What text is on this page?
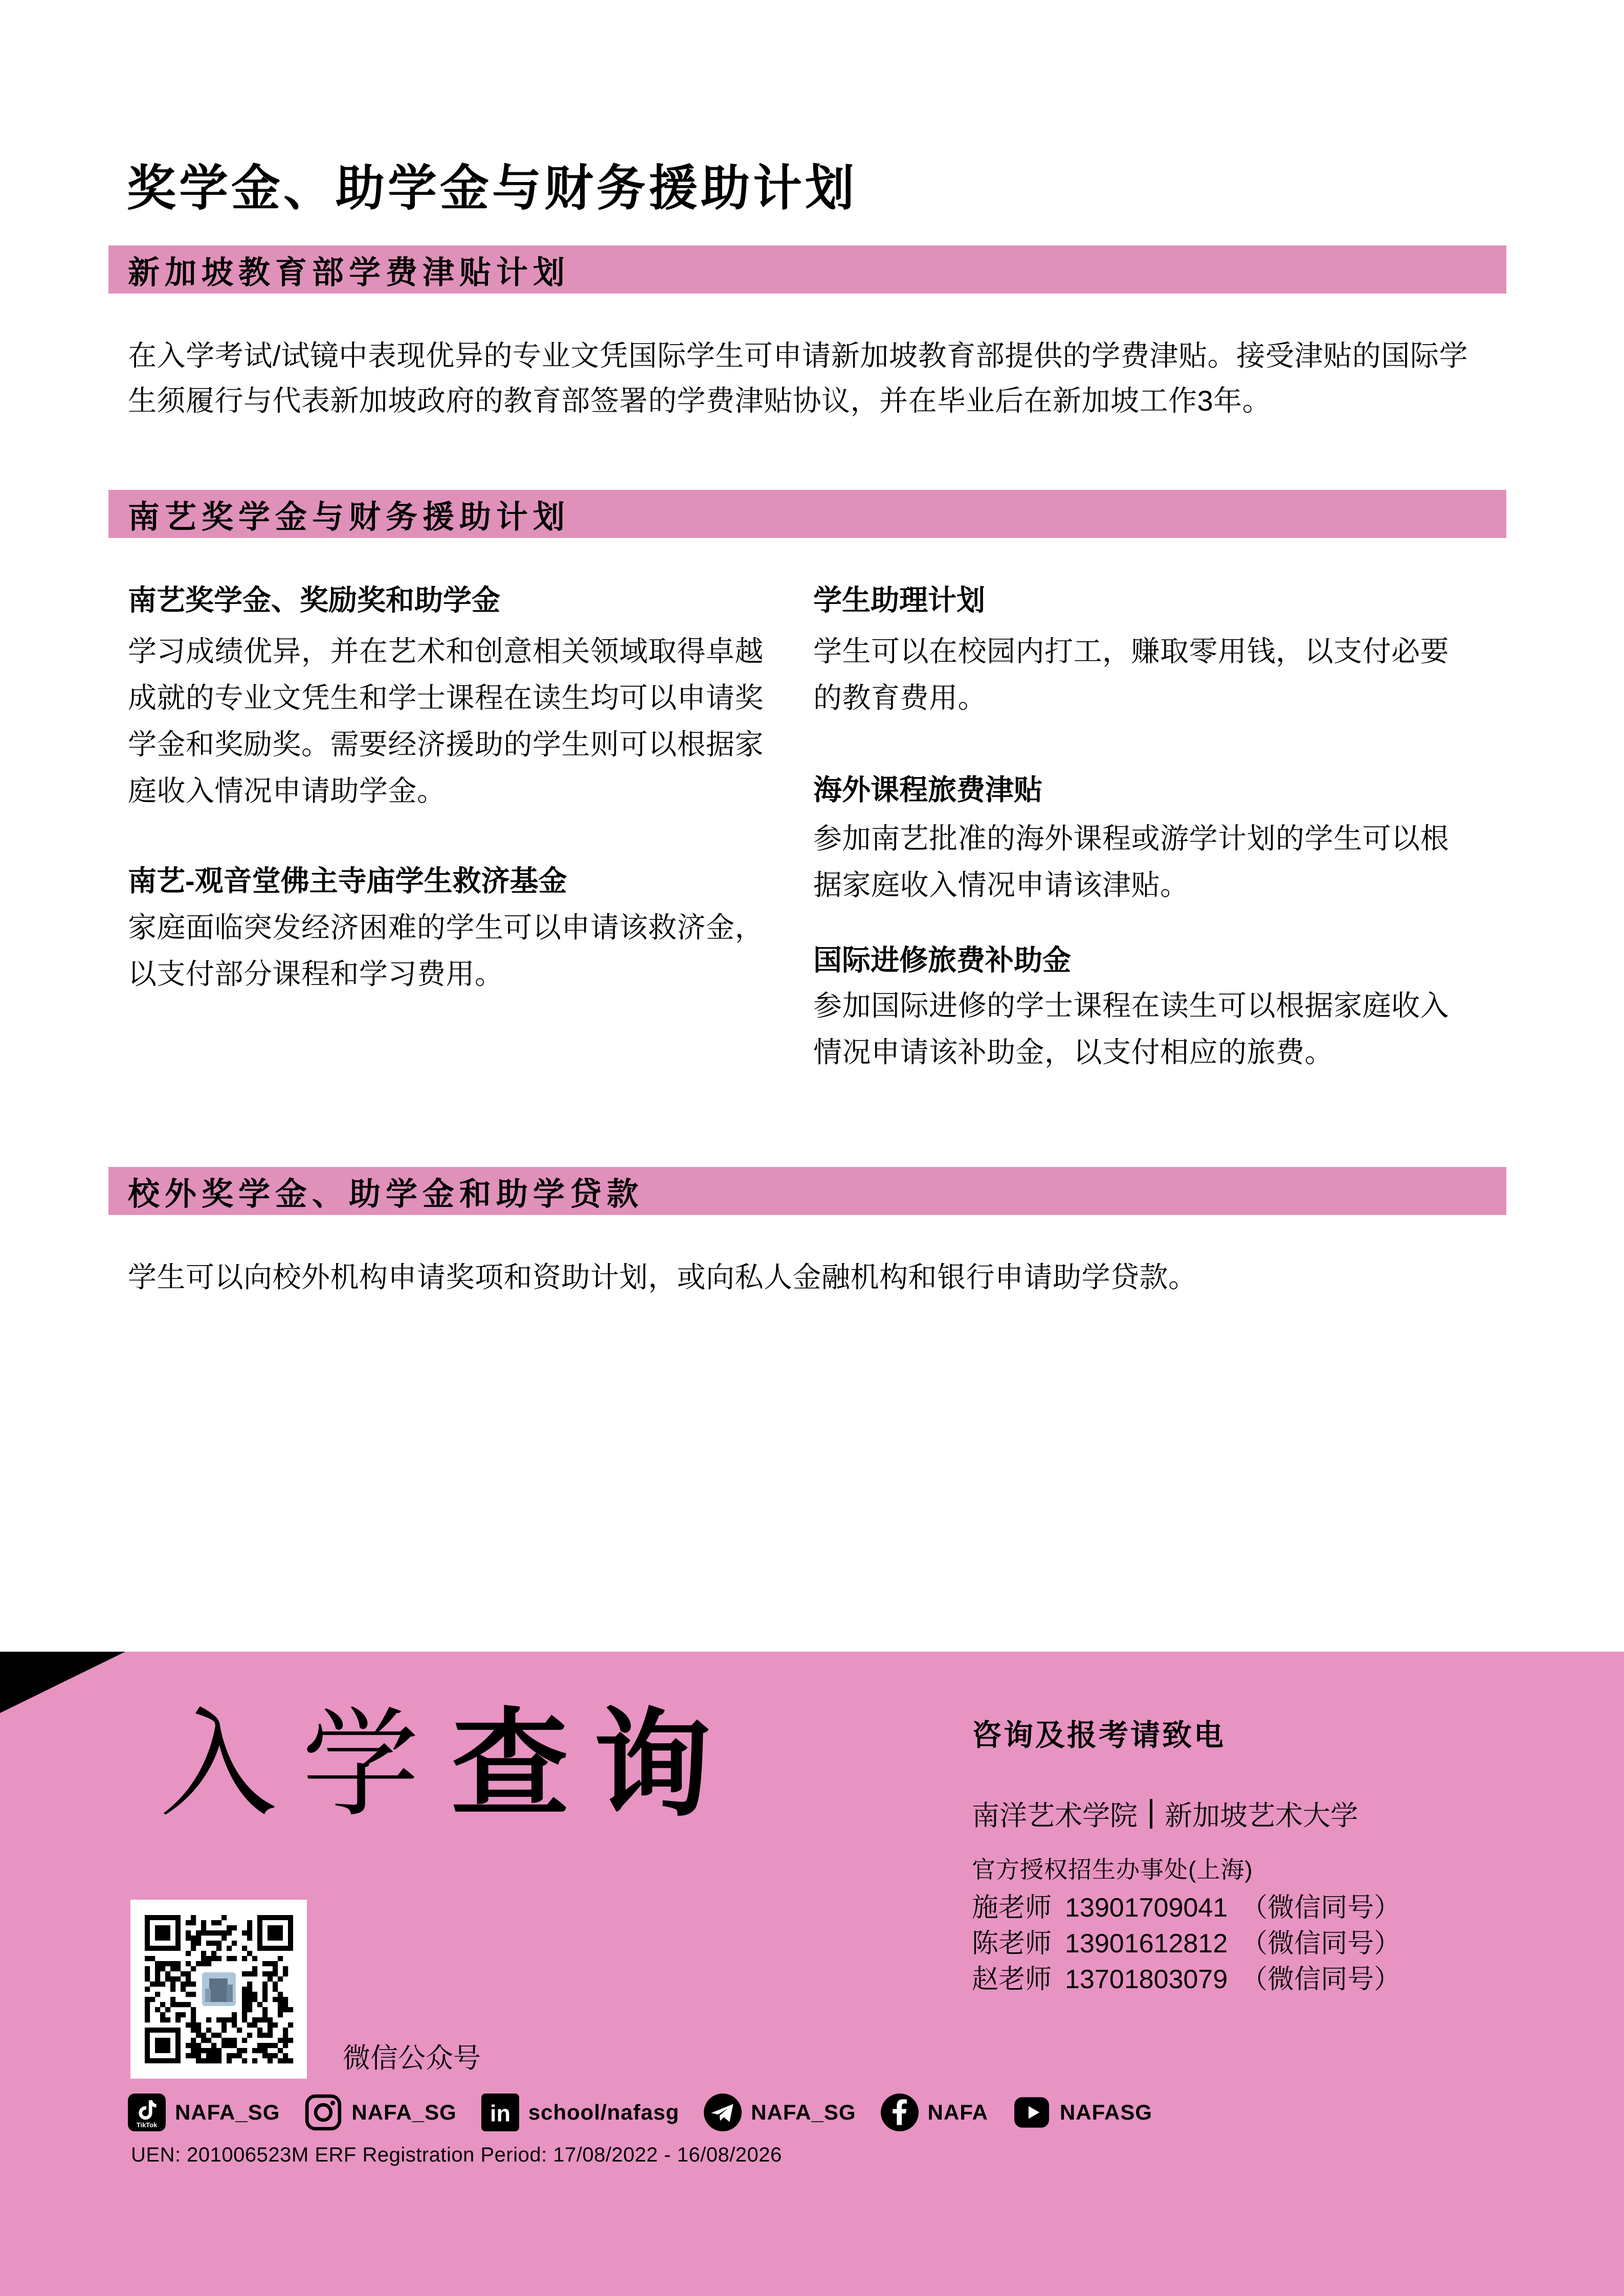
奖学金、助学金与财务援助计划
新加坡教育部学费津贴计划

在入学考试/试镜中表现优异的专业文凭国际学生可申请新加坡教育部提供的学费津贴。接受津贴的国际学生须履行与代表新加坡政府的教育部签署的学费津贴协议，并在毕业后在新加坡工作3年。

南艺奖学金与财务援助计划
南艺奖学金、奖励奖和助学金

学习成绩优异，并在艺术和创意相关领域取得卓越成就的专业文凭生和学士课程在读生均可以申请奖学金和奖励奖。需要经济援助的学生则可以根据家庭收入情况申请助学金。

南艺-观音堂佛主寺庙学生救济基金

家庭面临突发经济困难的学生可以申请该救济金，以支付部分课程和学习费用。

学生助理计划

学生可以在校园内打工，赚取零用钱，以支付必要的教育费用。

海外课程旅费津贴

参加南艺批准的海外课程或游学计划的学生可以根据家庭收入情况申请该津贴。

国际进修旅费补助金

参加国际进修的学士课程在读生可以根据家庭收入情况申请该补助金，以支付相应的旅费。

校外奖学金、助学金和助学贷款

学生可以向校外机构申请奖项和资助计划，或向私人金融机构和银行申请助学贷款。

入学查询
微信公众号
咨询及报考请致电
南洋艺术学院 新加坡艺术大学
官方授权招生办事处(上海)
施老师 13901709041 （微信同号）
陈老师 13901612812 （微信同号）
赵老师 13701803079 （微信同号）
TikTok
NAFA_SG	NAFA_SG in school/nafasg	NAFA_SG	NAFA	NAFASG
UEN: 201006523M ERF Registration Period: 17/08/2022 - 16/08/2026
